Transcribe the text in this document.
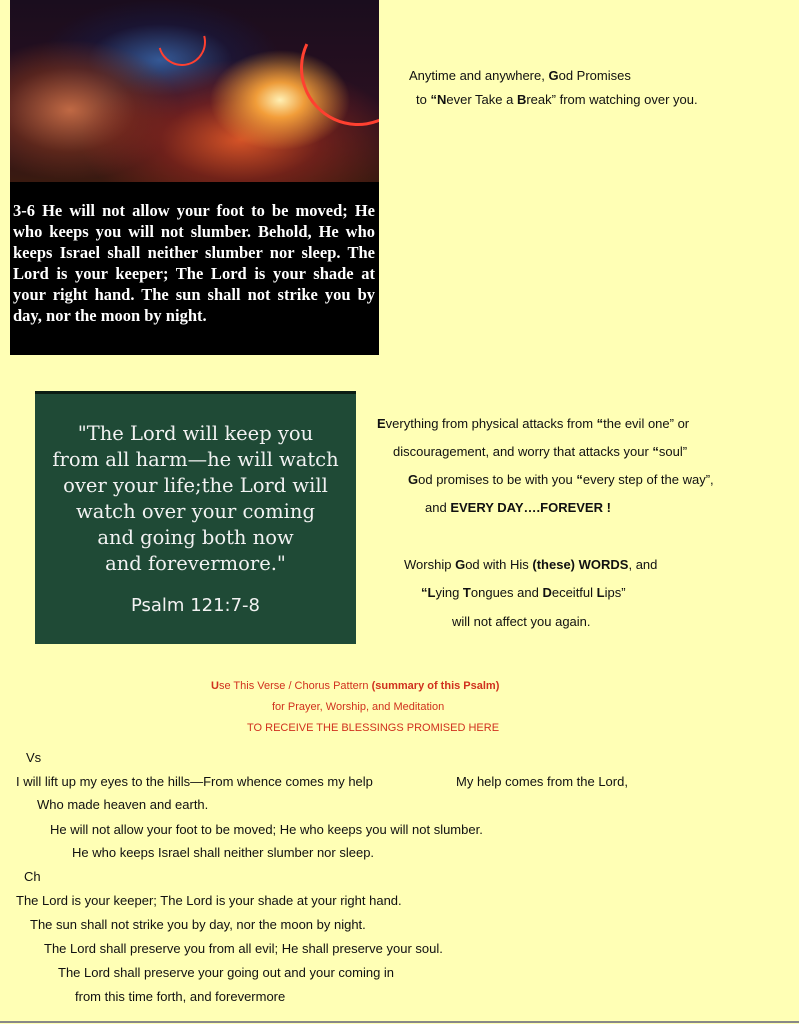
3-6 He will not allow your foot to be moved; He who keeps you will not slumber. Behold, He who keeps Israel shall neither slumber nor sleep. The Lord is your keeper; The Lord is your shade at your right hand. The sun shall not strike you by day, nor the moon by night.
Anytime and anywhere, God Promises
to “Never Take a Break” from watching over you.
"The Lord will keep you
from all harm—he will watch
over your life;the Lord will
watch over your coming
and going both now
and forevermore."
Psalm 121:7-8
Everything from physical attacks from “the evil one” or
discouragement, and worry that attacks your “soul”
God promises to be with you “every step of the way”,
and EVERY DAY….FOREVER !
Worship God with His (these) WORDS, and
“Lying Tongues and Deceitful Lips”
will not affect you again.
Use This Verse / Chorus Pattern (summary of this Psalm)
for Prayer, Worship, and Meditation
TO RECEIVE THE BLESSINGS PROMISED HERE
Vs
I will lift up my eyes to the hills—From whence comes my help	My help comes from the Lord,
Who made heaven and earth.
He will not allow your foot to be moved; He who keeps you will not slumber.
He who keeps Israel shall neither slumber nor sleep.
Ch
The Lord is your keeper; The Lord is your shade at your right hand.
The sun shall not strike you by day, nor the moon by night.
The Lord shall preserve you from all evil; He shall preserve your soul.
The Lord shall preserve your going out and your coming in
from this time forth, and forevermore
